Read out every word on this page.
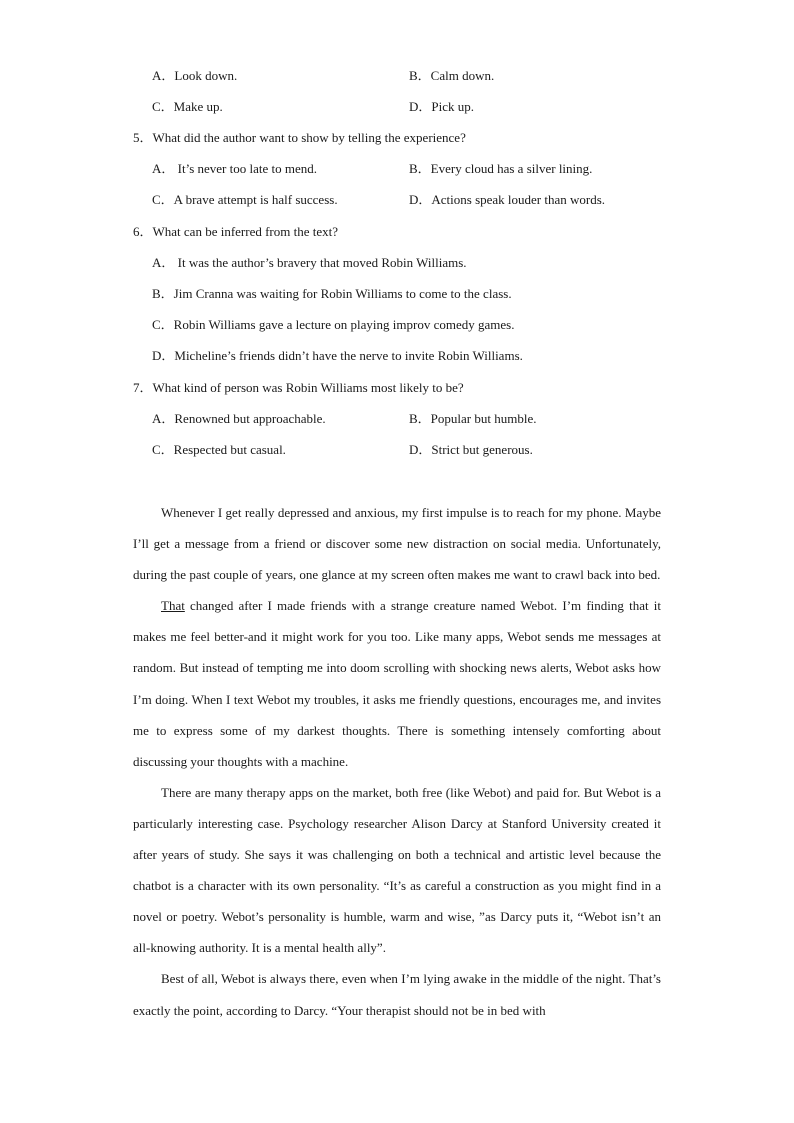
A．Look down.	B．Calm down.
C．Make up.	D．Pick up.
5．What did the author want to show by telling the experience?
A． It’s never too late to mend.	B．Every cloud has a silver lining.
C．A brave attempt is half success.	D．Actions speak louder than words.
6．What can be inferred from the text?
A． It was the author’s bravery that moved Robin Williams.
B．Jim Cranna was waiting for Robin Williams to come to the class.
C．Robin Williams gave a lecture on playing improv comedy games.
D．Micheline’s friends didn’t have the nerve to invite Robin Williams.
7．What kind of person was Robin Williams most likely to be?
A．Renowned but approachable.	B．Popular but humble.
C．Respected but casual.	D．Strict but generous.

Whenever I get really depressed and anxious, my first impulse is to reach for my phone. Maybe I’ll get a message from a friend or discover some new distraction on social media. Unfortunately, during the past couple of years, one glance at my screen often makes me want to crawl back into bed.

That changed after I made friends with a strange creature named Webot. I’m finding that it makes me feel better-and it might work for you too. Like many apps, Webot sends me messages at random. But instead of tempting me into doom scrolling with shocking news alerts, Webot asks how I’m doing. When I text Webot my troubles, it asks me friendly questions, encourages me, and invites me to express some of my darkest thoughts. There is something intensely comforting about discussing your thoughts with a machine.

There are many therapy apps on the market, both free (like Webot) and paid for. But Webot is a particularly interesting case. Psychology researcher Alison Darcy at Stanford University created it after years of study. She says it was challenging on both a technical and artistic level because the chatbot is a character with its own personality. “It’s as careful a construction as you might find in a novel or poetry. Webot’s personality is humble, warm and wise, ”as Darcy puts it, “Webot isn’t an all-knowing authority. It is a mental health ally”.

Best of all, Webot is always there, even when I’m lying awake in the middle of the night. That’s exactly the point, according to Darcy. “Your therapist should not be in bed with
